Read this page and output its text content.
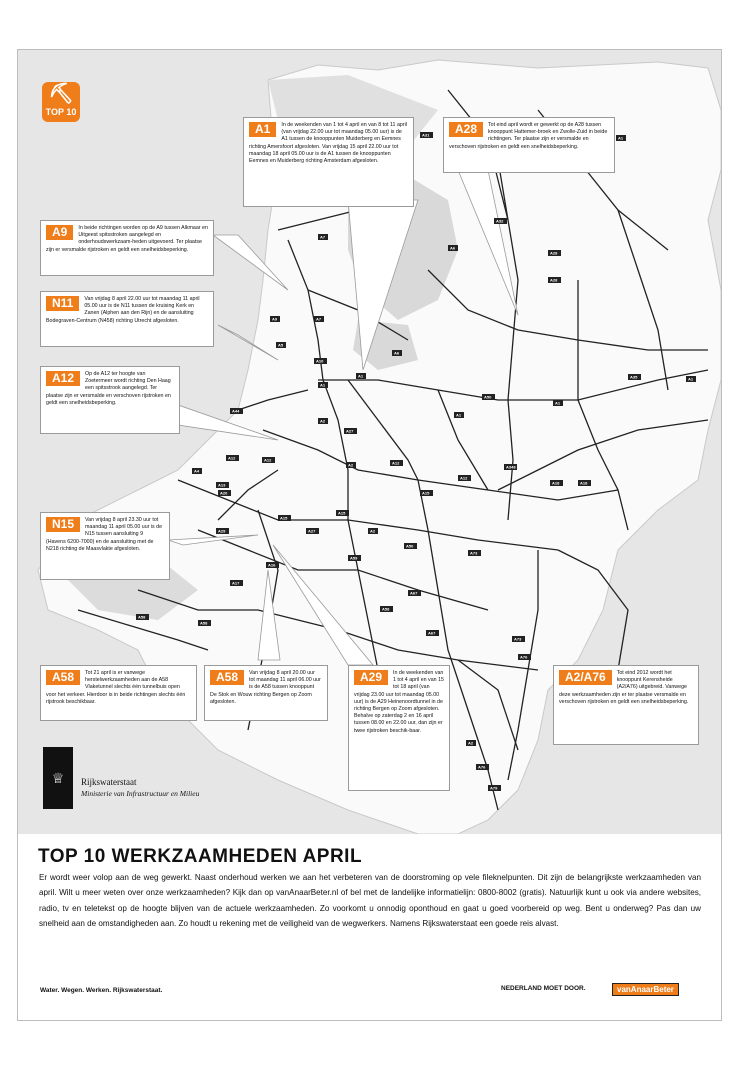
A31
A1
A32
A28
A28
A6
A7
A9	A7
A5
A10
A1
A6
A1
A2
A50
A1
A35	A1
A1
A12
A2
A27
A44
A12	A12
A4
A13
A20
A15
A15
A15
A12
A348
A2
A27
A29
A16
A17
A59
A50
A73
A67
A58
A58
A58
A67
A73
A76
A2
A76
A79
A18	A18
⛏
TOP 10
A1	In de weekenden van 1 tot 4 april en van 8 tot 11 april (van vrijdag 22.00 uur tot maandag 05.00 uur) is de A1 tussen de knooppunten Muiderberg en Eemnes richting Amersfoort afgesloten. Van vrijdag 15 april 22.00 uur tot maandag 18 april 05.00 uur is de A1 tussen de knooppunten Eemnes en Muiderberg richting Amsterdam afgesloten.
A28	Tot eind april wordt er gewerkt op de A28 tussen knooppunt Hattemer-broek en Zwolle-Zuid in beide richtingen. Ter plaatse zijn er versmalde en verschoven rijstroken en geldt een snelheidsbeperking.
A9	In beide richtingen worden op de A9 tussen Alkmaar en Uitgeest spitsstroken aangelegd en onderhoudswerkzaam-heden uitgevoerd. Ter plaatse zijn er versmalde rijstroken en geldt een snelheidsbeperking.
N11	Van vrijdag 8 april 22.00 uur tot maandag 11 april 05.00 uur is de N11 tussen de kruising Kerk en Zanen (Alphen aan den Rijn) en de aansluiting Bodegraven-Centrum (N458) richting Utrecht afgesloten.
A12	Op de A12 ter hoogte van Zoetermeer wordt richting Den Haag een spitsstrook aangelegd. Ter plaatse zijn er versmalde en verschoven rijstroken en geldt een snelheidsbeperking.
N15	Van vrijdag 8 april 23.30 uur tot maandag 11 april 05.00 uur is de N15 tussen aansluiting 9 (Havens 6200-7000) en de aansluiting met de N218 richting de Maasvlakte afgesloten.
A58	Tot 21 april is er vanwege herstelwerkzaamheden aan de A58 Vlaketunnel slechts één tunnelbuis open voor het verkeer. Hierdoor is in beide richtingen slechts één rijstrook beschikbaar.
A58	Van vrijdag 8 april 20.00 uur tot maandag 11 april 06.00 uur is de A58 tussen knooppunt De Stok en Wouw richting Bergen op Zoom afgesloten.
A29	In de weekenden van 1 tot 4 april en van 15 tot 18 april (van vrijdag 23.00 uur tot maandag 05.00 uur) is de A29 Heinenoordtunnel in de richting Bergen op Zoom afgesloten. Behalve op zaterdag 2 en 16 april tussen 08.00 en 22.00 uur, dan zijn er twee rijstroken beschik-baar.
A2/A76	Tot eind 2012 wordt het knooppunt Kerensheide (A2/A76) uitgebreid. Vanwege deze werkzaamheden zijn er ter plaatse versmalde en verschoven rijstroken en geldt een snelheidsbeperking.
♕	Rijkswaterstaat
Ministerie van Infrastructuur en Milieu
TOP 10 WERKZAAMHEDEN APRIL
Er wordt weer volop aan de weg gewerkt. Naast onderhoud werken we aan het verbeteren van de doorstroming op vele fileknelpunten. Dit zijn de belangrijkste werkzaamheden van april. Wilt u meer weten over onze werkzaamheden? Kijk dan op vanAnaarBeter.nl of bel met de landelijke informatielijn: 0800-8002 (gratis). Natuurlijk kunt u ook via andere websites, radio, tv en teletekst op de hoogte blijven van de actuele werkzaamheden. Zo voorkomt u onnodig oponthoud en gaat u goed voorbereid op weg. Bent u onderweg? Pas dan uw snelheid aan de omstandigheden aan. Zo houdt u rekening met de veiligheid van de wegwerkers. Namens Rijkswaterstaat een goede reis alvast.
Water. Wegen. Werken. Rijkswaterstaat.	NEDERLAND MOET DOOR.	vanAnaarBeter
